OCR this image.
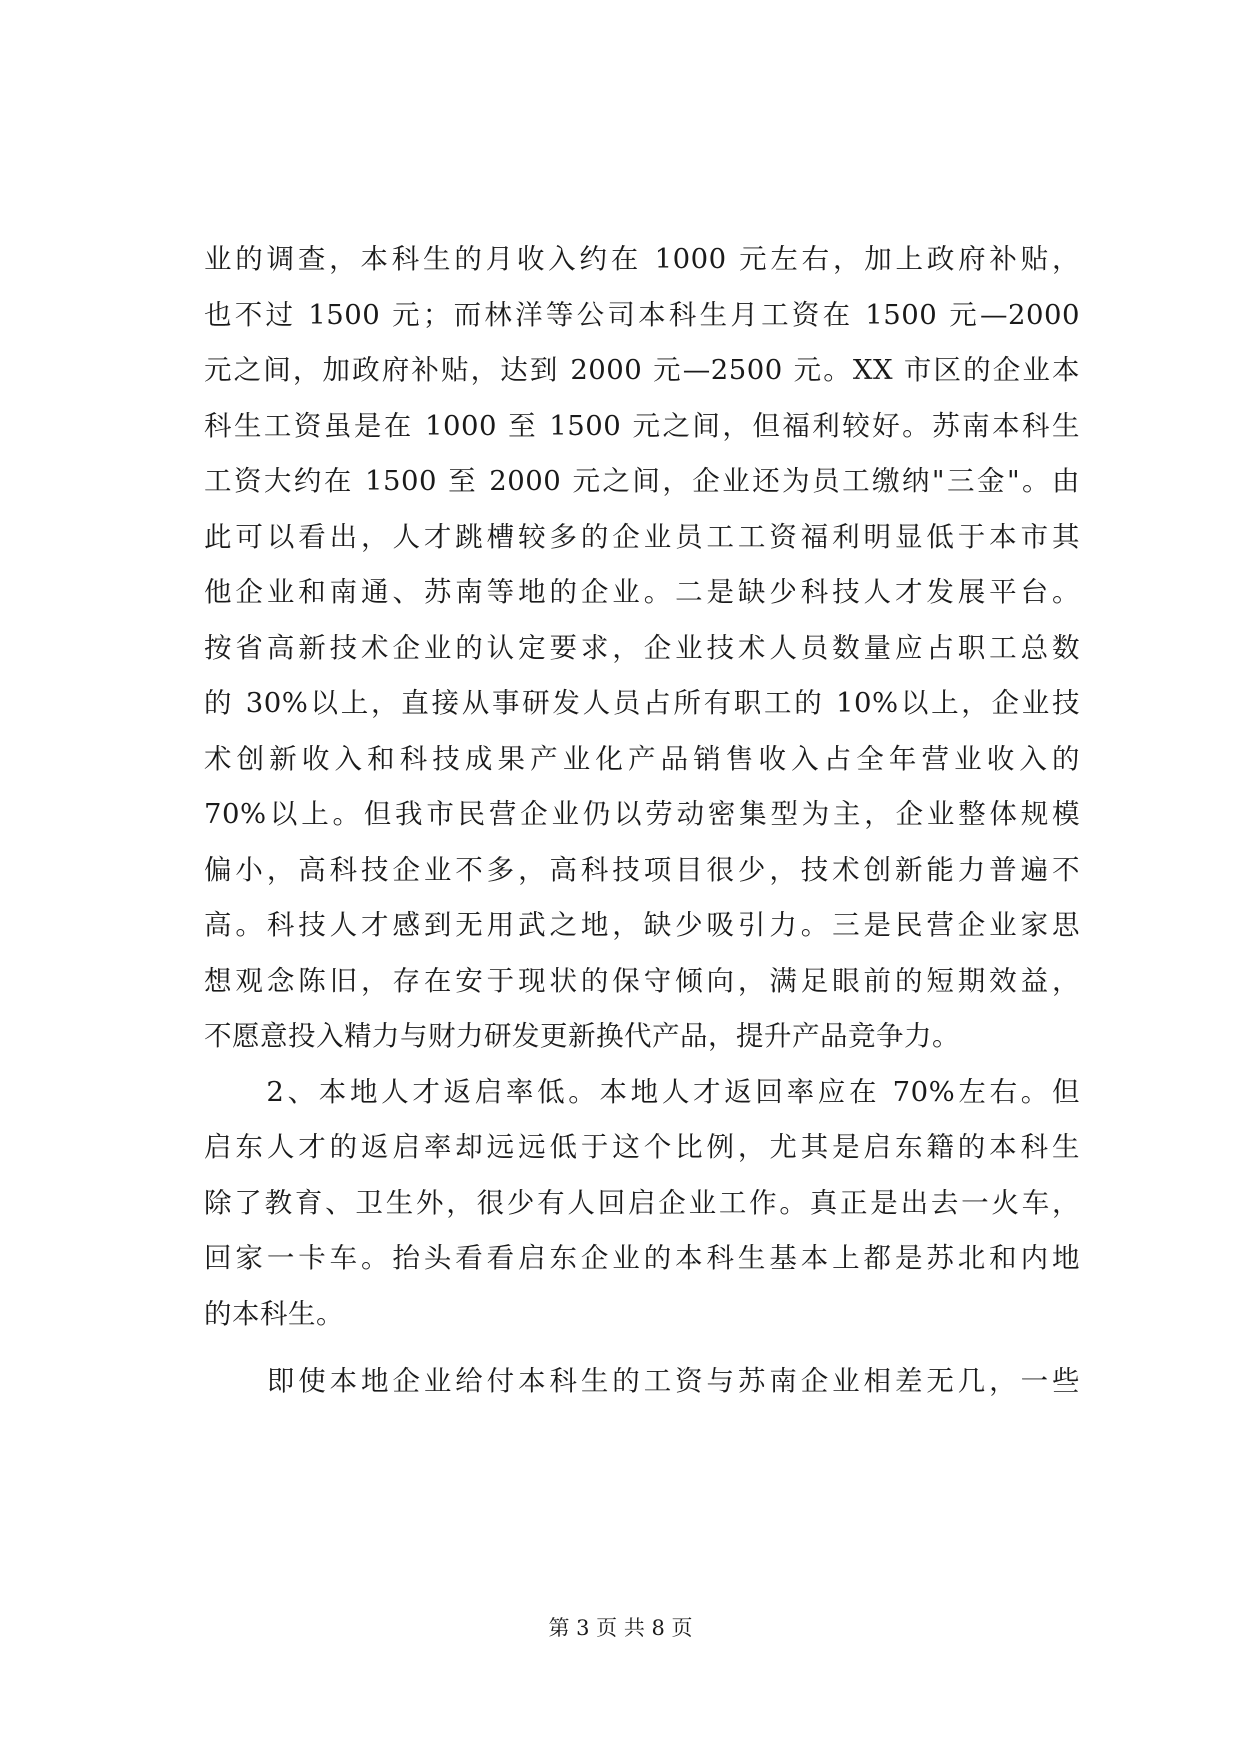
业的调查，本科生的月收入约在 1000 元左右，加上政府补贴，
也不过 1500 元；而林洋等公司本科生月工资在 1500 元—2000
元之间，加政府补贴，达到 2000 元—2500 元。XX 市区的企业本
科生工资虽是在 1000 至 1500 元之间，但福利较好。苏南本科生
工资大约在 1500 至 2000 元之间，企业还为员工缴纳"三金"。由
此可以看出，人才跳槽较多的企业员工工资福利明显低于本市其
他企业和南通、苏南等地的企业。二是缺少科技人才发展平台。
按省高新技术企业的认定要求，企业技术人员数量应占职工总数
的 30%以上，直接从事研发人员占所有职工的 10%以上，企业技
术创新收入和科技成果产业化产品销售收入占全年营业收入的
70%以上。但我市民营企业仍以劳动密集型为主，企业整体规模
偏小，高科技企业不多，高科技项目很少，技术创新能力普遍不
高。科技人才感到无用武之地，缺少吸引力。三是民营企业家思
想观念陈旧，存在安于现状的保守倾向，满足眼前的短期效益，
不愿意投入精力与财力研发更新换代产品，提升产品竞争力。
　　2、本地人才返启率低。本地人才返回率应在 70%左右。但
启东人才的返启率却远远低于这个比例，尤其是启东籍的本科生
除了教育、卫生外，很少有人回启企业工作。真正是出去一火车，
回家一卡车。抬头看看启东企业的本科生基本上都是苏北和内地
的本科生。
　　即使本地企业给付本科生的工资与苏南企业相差无几，一些
第 3 页 共 8 页
